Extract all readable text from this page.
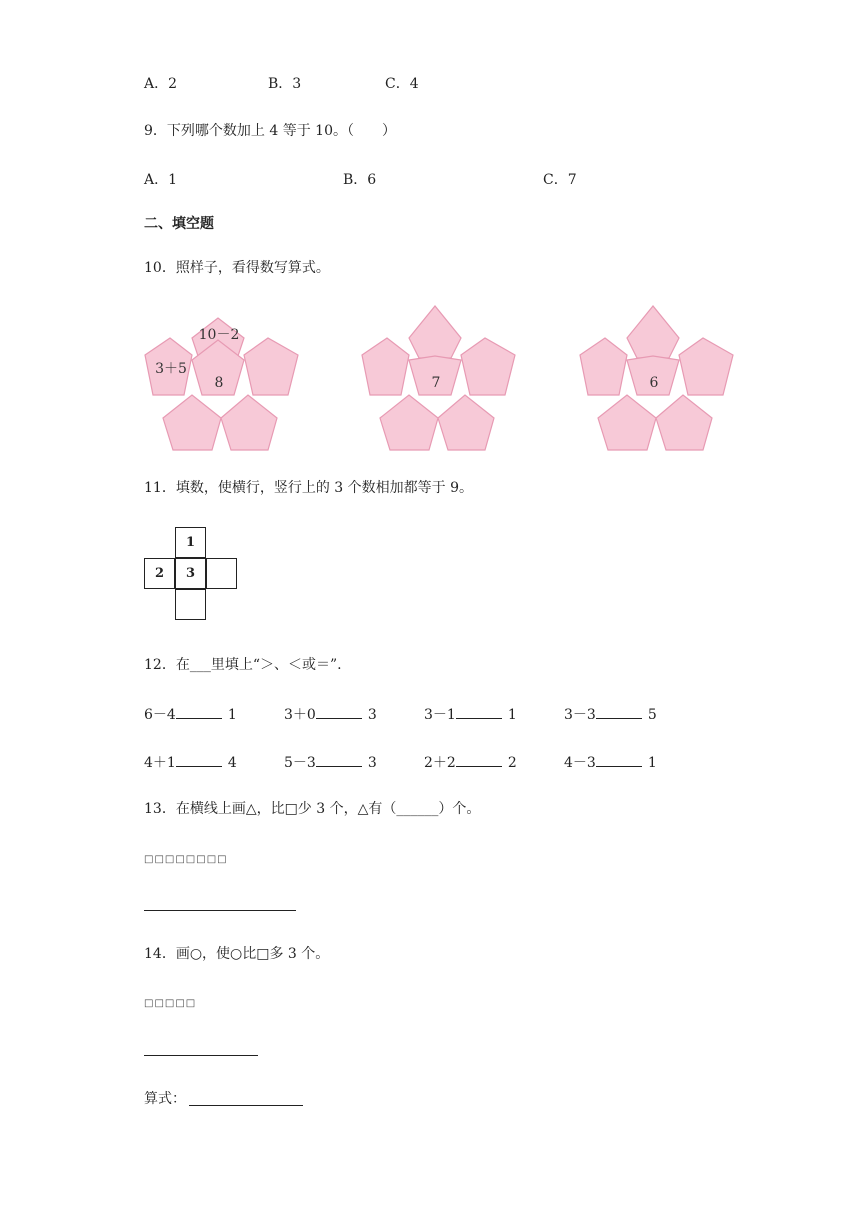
A．2	B．3	C．4
9．下列哪个数加上 4 等于 10。（　　）
A．1	B．6	C．7
二、填空题
10．照样子，看得数写算式。
10－2
3＋5
8	7	6
11．填数，使横行，竖行上的 3 个数相加都等于 9。
1
2	3
12．在___里填上“＞、＜或＝”.
6－4	1	3＋0	3	3－1	1	3－3	5
4＋1	4	5－3	3	2＋2	2	4－3	1
13．在横线上画△，比□少 3 个，△有（______）个。
□□□□□□□□
14．画○，使○比□多 3 个。
□□□□□
算式：
